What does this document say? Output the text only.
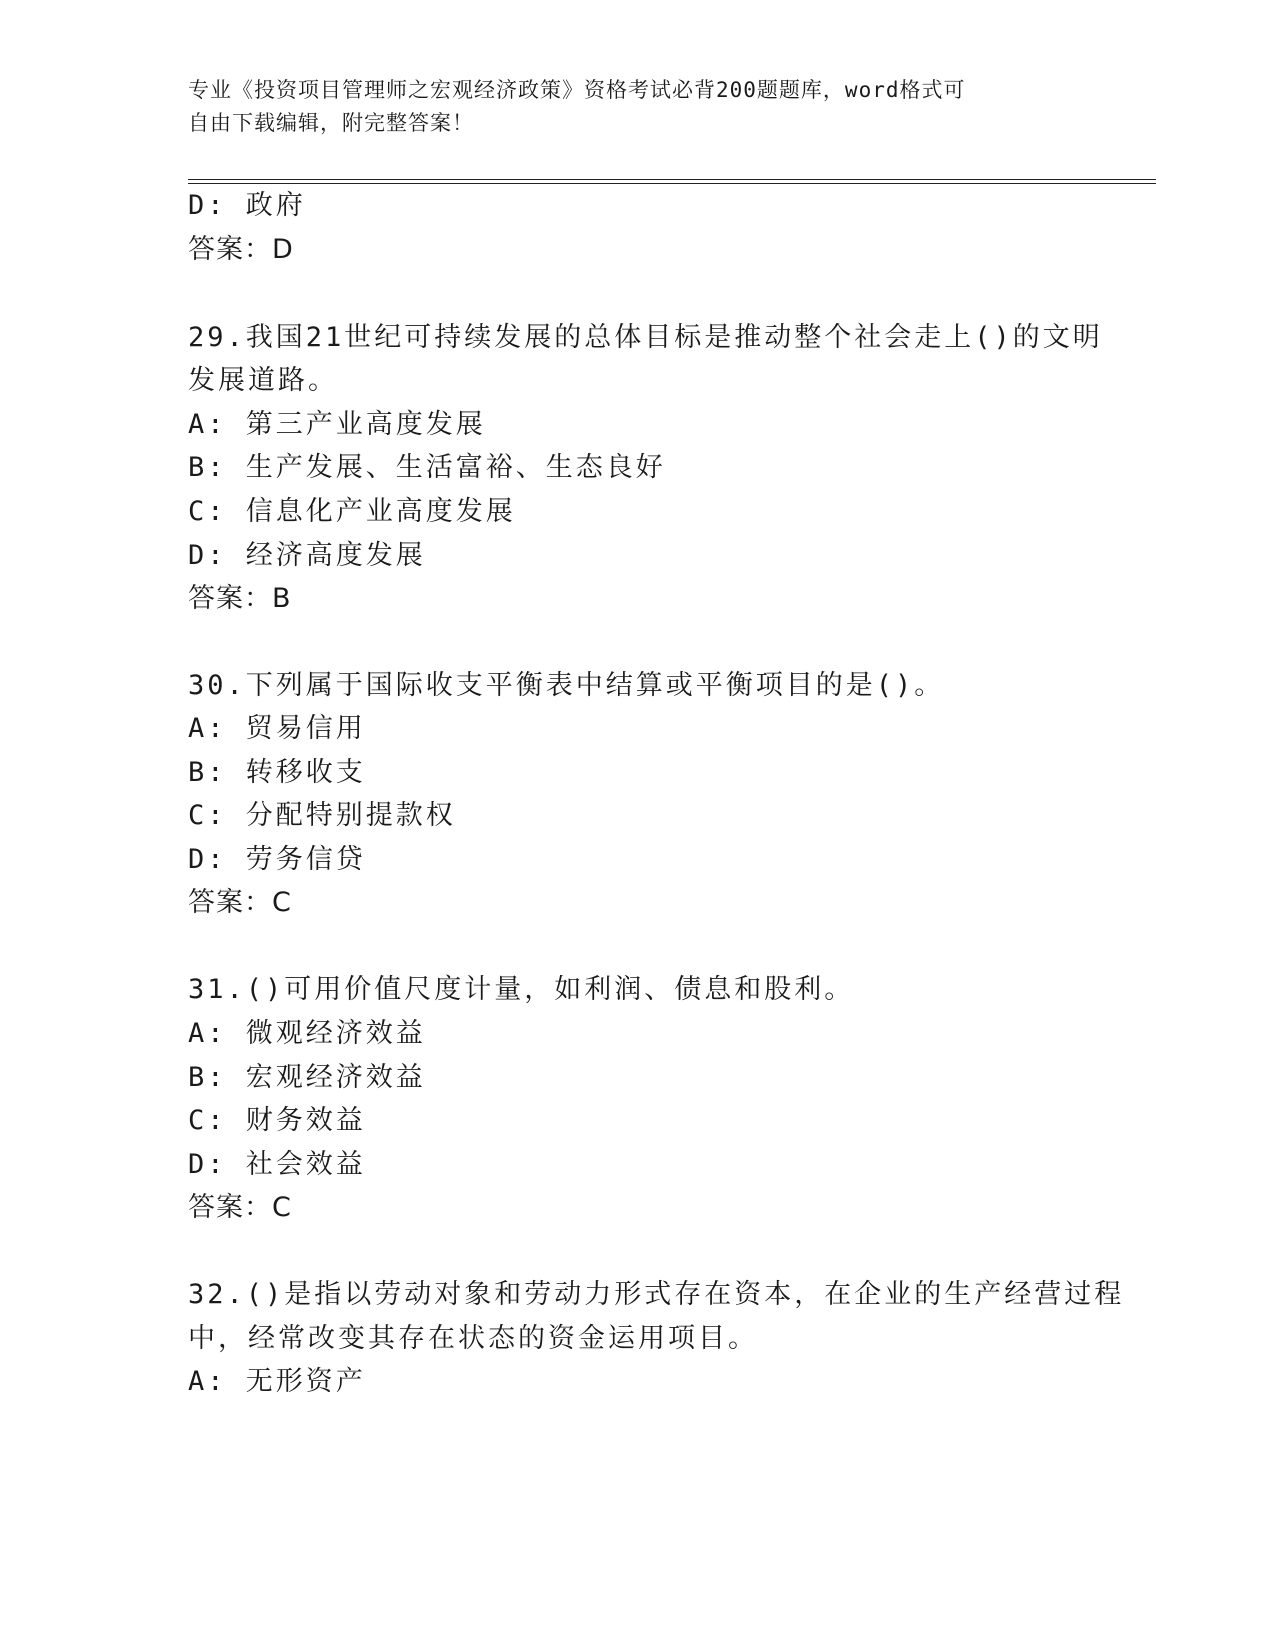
专业《投资项目管理师之宏观经济政策》资格考试必背200题题库，word格式可
自由下载编辑，附完整答案！
D: 政府
答案：D
29.我国21世纪可持续发展的总体目标是推动整个社会走上()的文明
发展道路。
A: 第三产业高度发展
B: 生产发展、生活富裕、生态良好
C: 信息化产业高度发展
D: 经济高度发展
答案：B
30.下列属于国际收支平衡表中结算或平衡项目的是()。
A: 贸易信用
B: 转移收支
C: 分配特别提款权
D: 劳务信贷
答案：C
31.()可用价值尺度计量，如利润、债息和股利。
A: 微观经济效益
B: 宏观经济效益
C: 财务效益
D: 社会效益
答案：C
32.()是指以劳动对象和劳动力形式存在资本，在企业的生产经营过程
中，经常改变其存在状态的资金运用项目。
A: 无形资产
